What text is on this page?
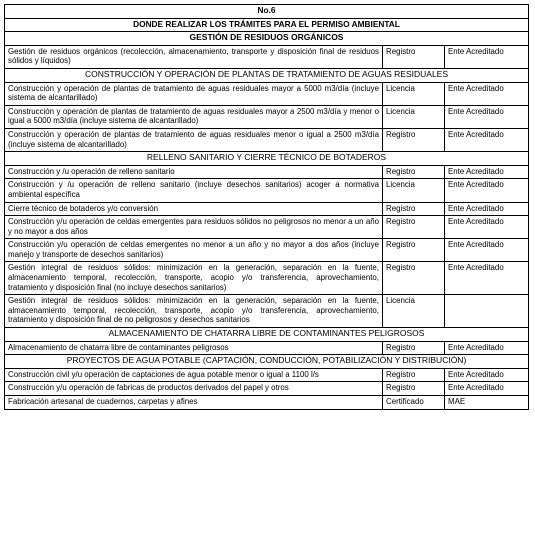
No.6		
DONDE REALIZAR LOS TRÁMITES PARA EL PERMISO AMBIENTAL		
GESTIÓN DE RESIDUOS ORGÁNICOS		
Gestión de residuos orgánicos (recolección, almacenamiento, transporte y disposición final de residuos sólidos y líquidos)	Registro	Ente Acreditado
CONSTRUCCIÓN Y OPERACIÓN DE PLANTAS DE TRATAMIENTO DE AGUAS RESIDUALES		
Construcción y operación de plantas de tratamiento de aguas residuales mayor a 5000 m3/día (incluye sistema de alcantarillado)	Licencia	Ente Acreditado
Construcción y operación de plantas de tratamiento de aguas residuales mayor a 2500 m3/día y menor o igual a 5000 m3/día (incluye sistema de alcantarillado)	Licencia	Ente Acreditado
Construcción y operación de plantas de tratamiento de aguas residuales menor o igual a 2500 m3/día (incluye sistema de alcantarillado)	Registro	Ente Acreditado
RELLENO SANITARIO Y CIERRE TÉCNICO DE BOTADEROS		
Construcción y /u operación de relleno sanitario	Registro	Ente Acreditado
Construcción y /u operación de relleno sanitario (incluye desechos sanitarios) acoger a normativa ambiental específica	Licencia	Ente Acreditado
Cierre técnico de botaderos y/o conversión	Registro	Ente Acreditado
Construcción y/u operación de celdas emergentes para residuos sólidos no peligrosos no menor a un año y no mayor a dos años	Registro	Ente Acreditado
Construcción y/u operación de celdas emergentes no menor a un año y no mayor a dos años (incluye manejo y transporte de desechos sanitarios)	Registro	Ente Acreditado
Gestión integral de residuos sólidos: minimización en la generación, separación en la fuente, almacenamiento temporal, recolección, transporte, acopio y/o transferencia, aprovechamiento, tratamiento y disposición final (no incluye desechos sanitarios)	Registro	Ente Acreditado
Gestión integral de residuos sólidos: minimización en la generación, separación en la fuente, almacenamiento temporal, recolección, transporte, acopio y/o transferencia, aprovechamiento, tratamiento y disposición final de no peligrosos y desechos sanitarios	Licencia	
ALMACENAMIENTO DE CHATARRA LIBRE DE CONTAMINANTES PELIGROSOS		
Almacenamiento de chatarra libre de contaminantes peligrosos	Registro	Ente Acreditado
PROYECTOS DE AGUA POTABLE (CAPTACIÓN, CONDUCCIÓN, POTABILIZACIÓN Y DISTRIBUCIÓN)		
Construcción civil y/u operación de captaciones de agua potable menor o igual a 1100 l/s	Registro	Ente Acreditado
Construcción y/u operación de fabricas de productos derivados del papel y otros	Registro	Ente Acreditado
Fabricación artesanal de cuadernos, carpetas y afines	Certificado	MAE
